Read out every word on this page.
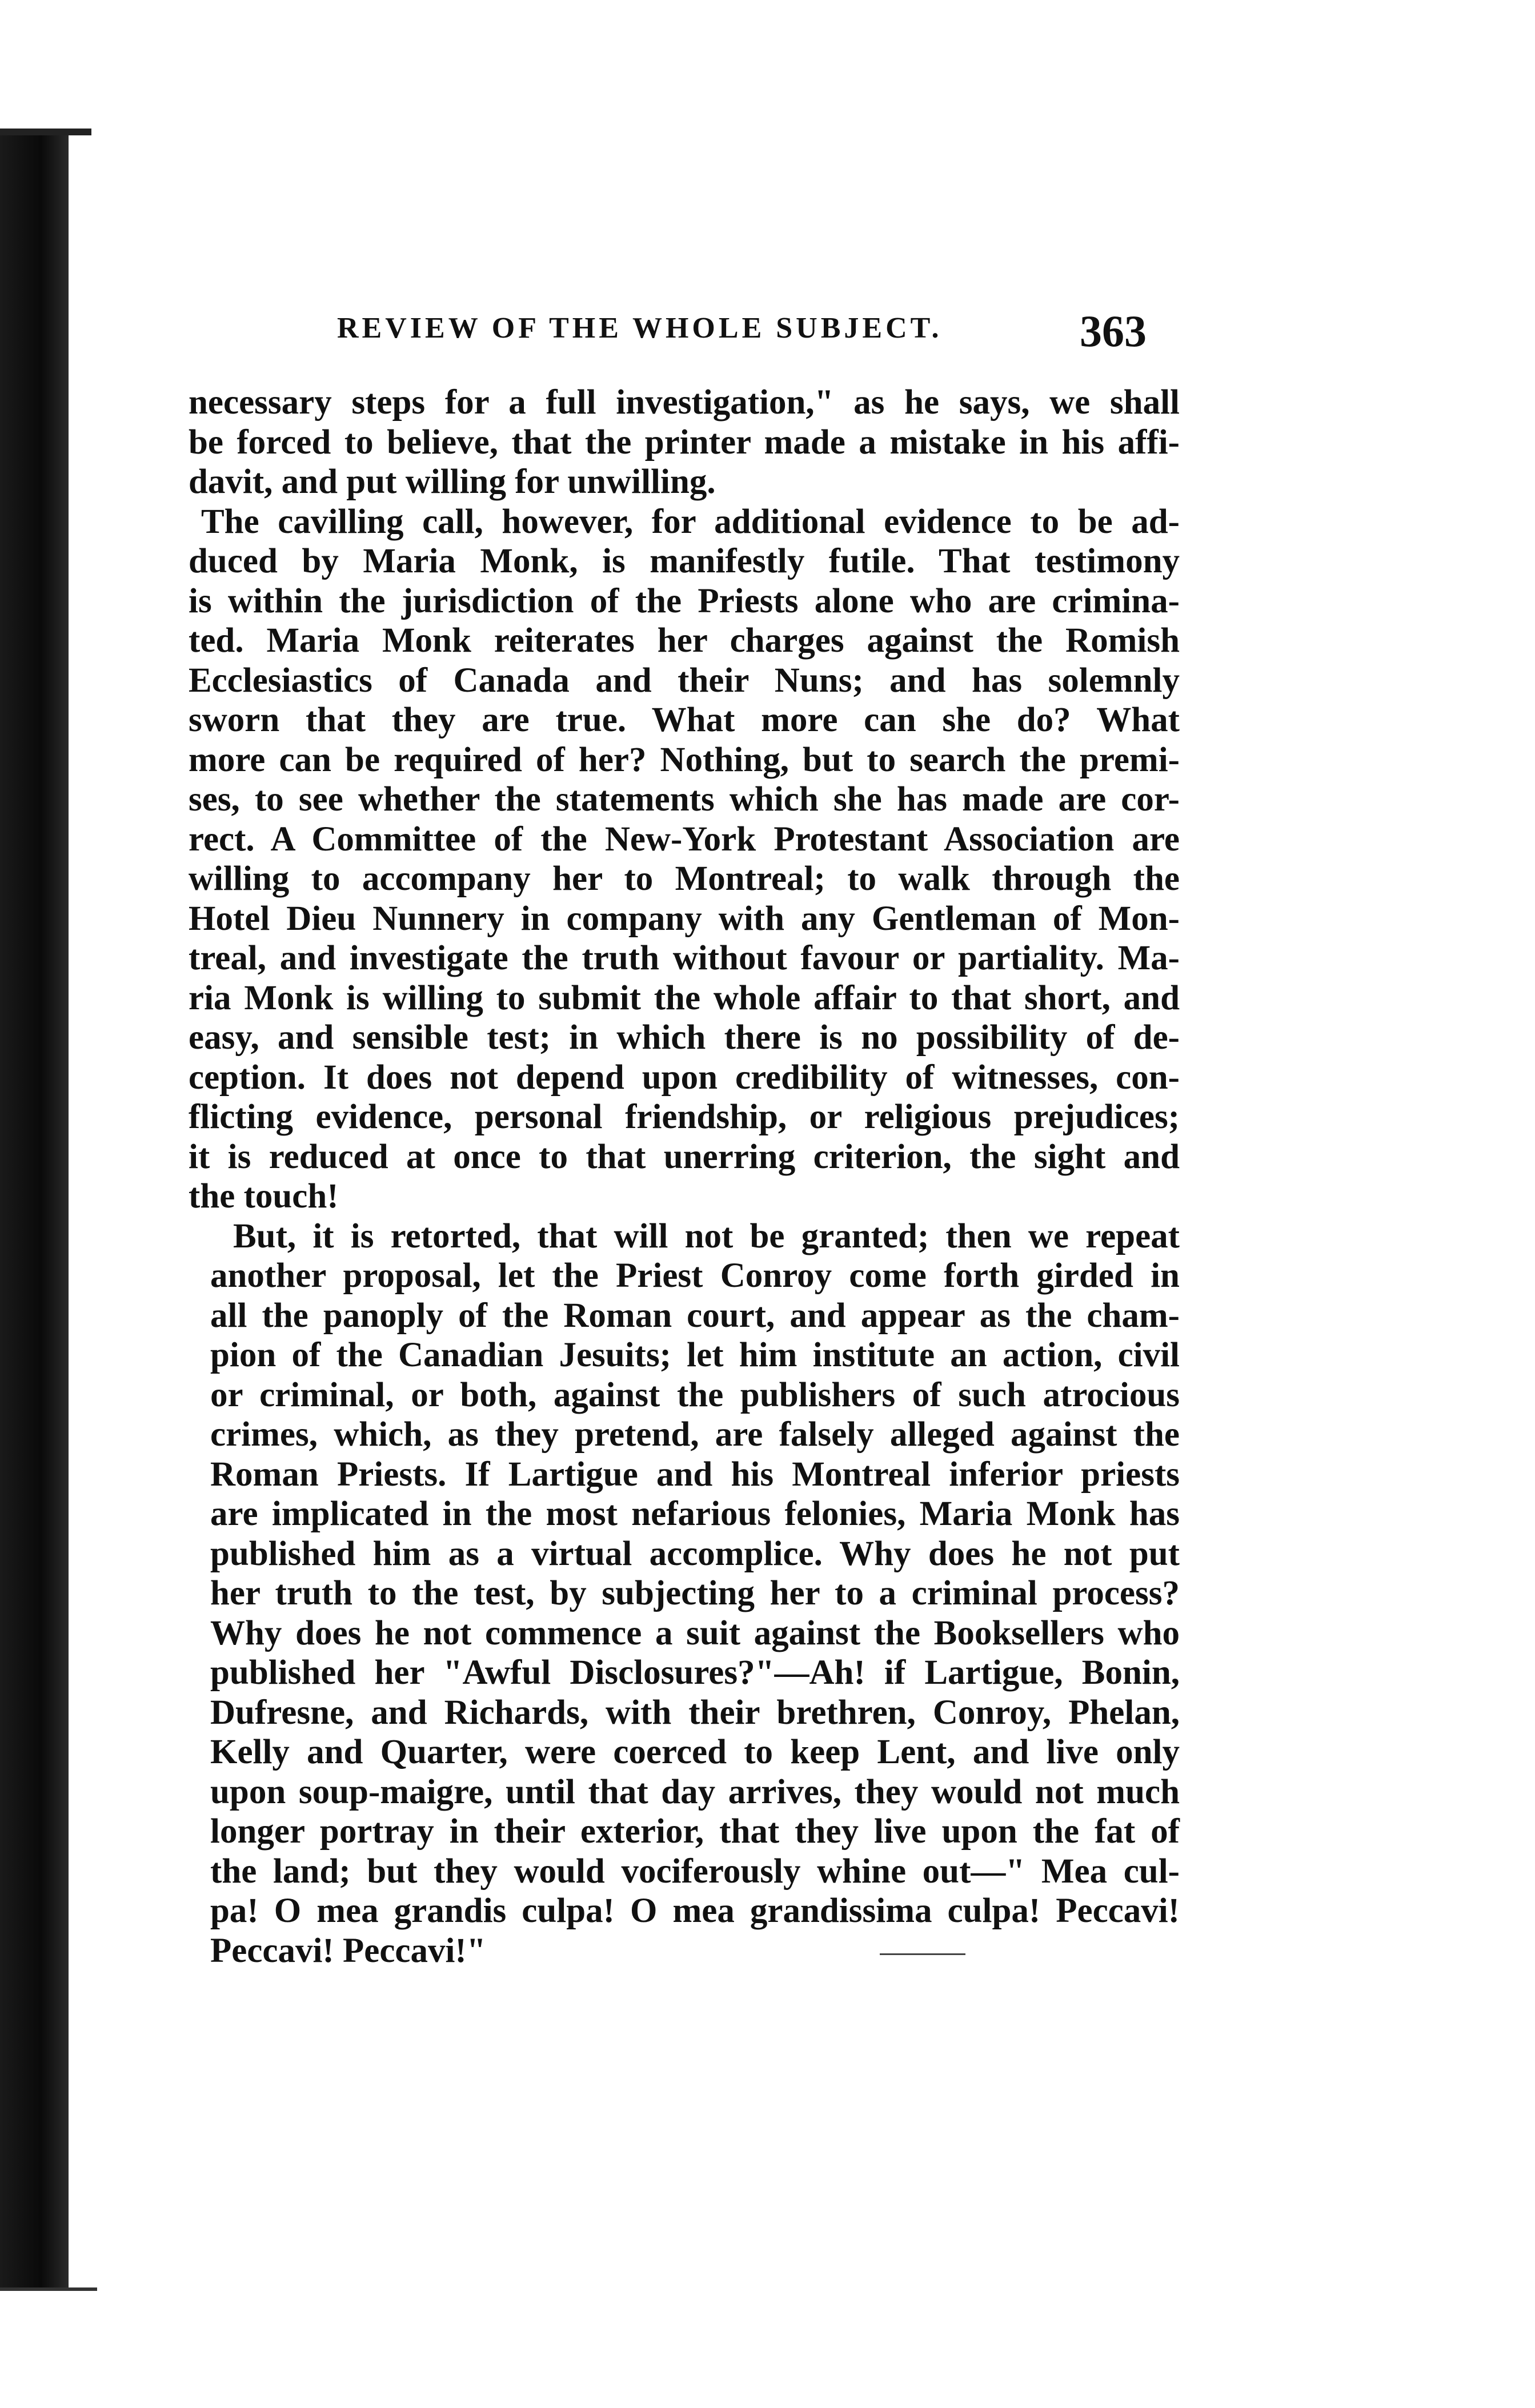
REVIEW OF THE WHOLE SUBJECT.	363

necessary steps for a full investigation," as he says, we shall
be forced to believe, that the printer made a mistake in his affi-
davit, and put willing for unwilling.

The cavilling call, however, for additional evidence to be ad-
duced by Maria Monk, is manifestly futile. That testimony
is within the jurisdiction of the Priests alone who are crimina-
ted. Maria Monk reiterates her charges against the Romish
Ecclesiastics of Canada and their Nuns; and has solemnly
sworn that they are true. What more can she do? What
more can be required of her? Nothing, but to search the premi-
ses, to see whether the statements which she has made are cor-
rect. A Committee of the New-York Protestant Association are
willing to accompany her to Montreal; to walk through the
Hotel Dieu Nunnery in company with any Gentleman of Mon-
treal, and investigate the truth without favour or partiality. Ma-
ria Monk is willing to submit the whole affair to that short, and
easy, and sensible test; in which there is no possibility of de-
ception. It does not depend upon credibility of witnesses, con-
flicting evidence, personal friendship, or religious prejudices;
it is reduced at once to that unerring criterion, the sight and
the touch!

But, it is retorted, that will not be granted; then we repeat
another proposal, let the Priest Conroy come forth girded in
all the panoply of the Roman court, and appear as the cham-
pion of the Canadian Jesuits; let him institute an action, civil
or criminal, or both, against the publishers of such atrocious
crimes, which, as they pretend, are falsely alleged against the
Roman Priests. If Lartigue and his Montreal inferior priests
are implicated in the most nefarious felonies, Maria Monk has
published him as a virtual accomplice. Why does he not put
her truth to the test, by subjecting her to a criminal process?
Why does he not commence a suit against the Booksellers who
published her "Awful Disclosures?"—Ah! if Lartigue, Bonin,
Dufresne, and Richards, with their brethren, Conroy, Phelan,
Kelly and Quarter, were coerced to keep Lent, and live only
upon soup-maigre, until that day arrives, they would not much
longer portray in their exterior, that they live upon the fat of
the land; but they would vociferously whine out—" Mea cul-
pa! O mea grandis culpa! O mea grandissima culpa! Peccavi!
Peccavi! Peccavi!"
